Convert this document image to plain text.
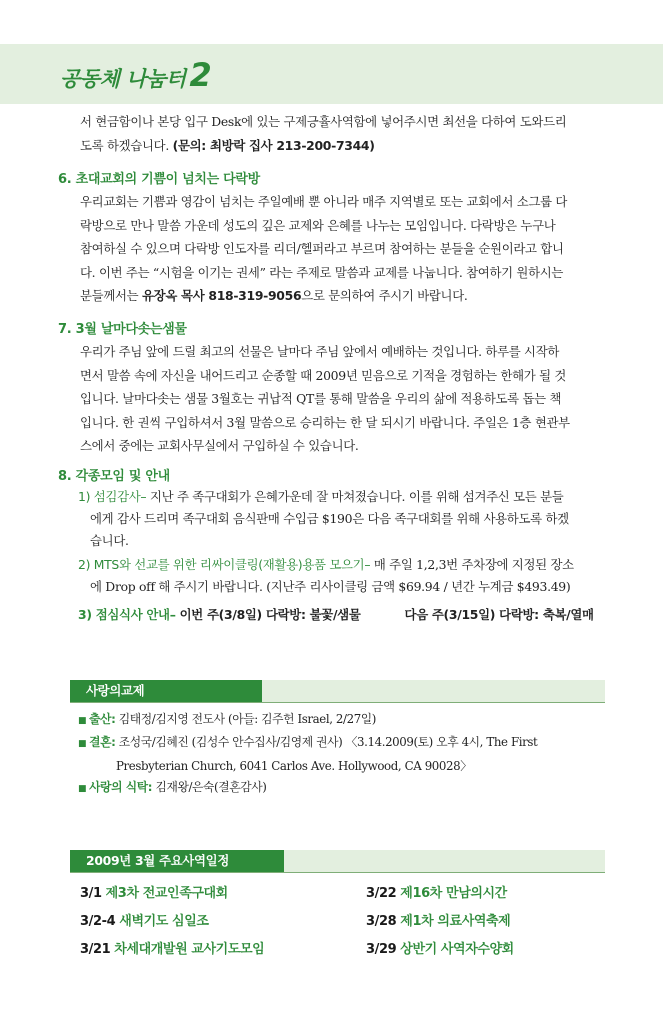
공동체 나눔터 2
서 현금함이나 본당 입구 Desk에 있는 구제긍휼사역함에 넣어주시면 최선을 다하여 도와드리
도록 하겠습니다. (문의: 최방락 집사 213-200-7344)
6. 초대교회의 기쁨이 넘치는 다락방
우리교회는 기쁨과 영감이 넘치는 주일예배 뿐 아니라 매주 지역별로 또는 교회에서 소그룹 다
락방으로 만나 말씀 가운데 성도의 깊은 교제와 은혜를 나누는 모임입니다. 다락방은 누구나
참여하실 수 있으며 다락방 인도자를 리더/헬퍼라고 부르며 참여하는 분들을 순원이라고 합니
다. 이번 주는 “시험을 이기는 권세” 라는 주제로 말씀과 교제를 나눕니다. 참여하기 원하시는
분들께서는 유장옥 목사 818-319-9056으로 문의하여 주시기 바랍니다.
7. 3월 날마다솟는샘물
우리가 주님 앞에 드릴 최고의 선물은 날마다 주님 앞에서 예배하는 것입니다. 하루를 시작하
면서 말씀 속에 자신을 내어드리고 순종할 때 2009년 믿음으로 기적을 경험하는 한해가 될 것
입니다. 날마다솟는 샘물 3월호는 귀납적 QT를 통해 말씀을 우리의 삶에 적용하도록 돕는 책
입니다. 한 권씩 구입하셔서 3월 말씀으로 승리하는 한 달 되시기 바랍니다. 주일은 1층 현관부
스에서 중에는 교회사무실에서 구입하실 수 있습니다.
8. 각종모임 및 안내
1) 섬김감사– 지난 주 족구대회가 은혜가운데 잘 마쳐졌습니다. 이를 위해 섬겨주신 모든 분들
에게 감사 드리며 족구대회 음식판매 수입금 $190은 다음 족구대회를 위해 사용하도록 하겠
습니다.
2) MTS와 선교를 위한 리싸이클링(재활용)용품 모으기– 매 주일 1,2,3번 주차장에 지정된 장소
에 Drop off 해 주시기 바랍니다. (지난주 리사이클링 금액 $69.94 / 년간 누계금 $493.49)
3) 점심식사 안내– 이번 주(3/8일) 다락방: 불꽃/샘물	다음 주(3/15일) 다락방: 축복/열매
사랑의교제
■ 출산: 김태정/김지영 전도사 (아들: 김주헌 Israel, 2/27일)
■ 결혼: 조성국/김혜진 (김성수 안수집사/김영제 권사) 〈3.14.2009(토) 오후 4시, The First
Presbyterian Church, 6041 Carlos Ave. Hollywood, CA 90028〉
■ 사랑의 식탁: 김재왕/은숙(결혼감사)
2009년 3월 주요사역일정
3/1 제3차 전교인족구대회
3/2-4 새벽기도 심일조
3/21 차세대개발원 교사기도모임
3/22 제16차 만남의시간
3/28 제1차 의료사역축제
3/29 상반기 사역자수양회
